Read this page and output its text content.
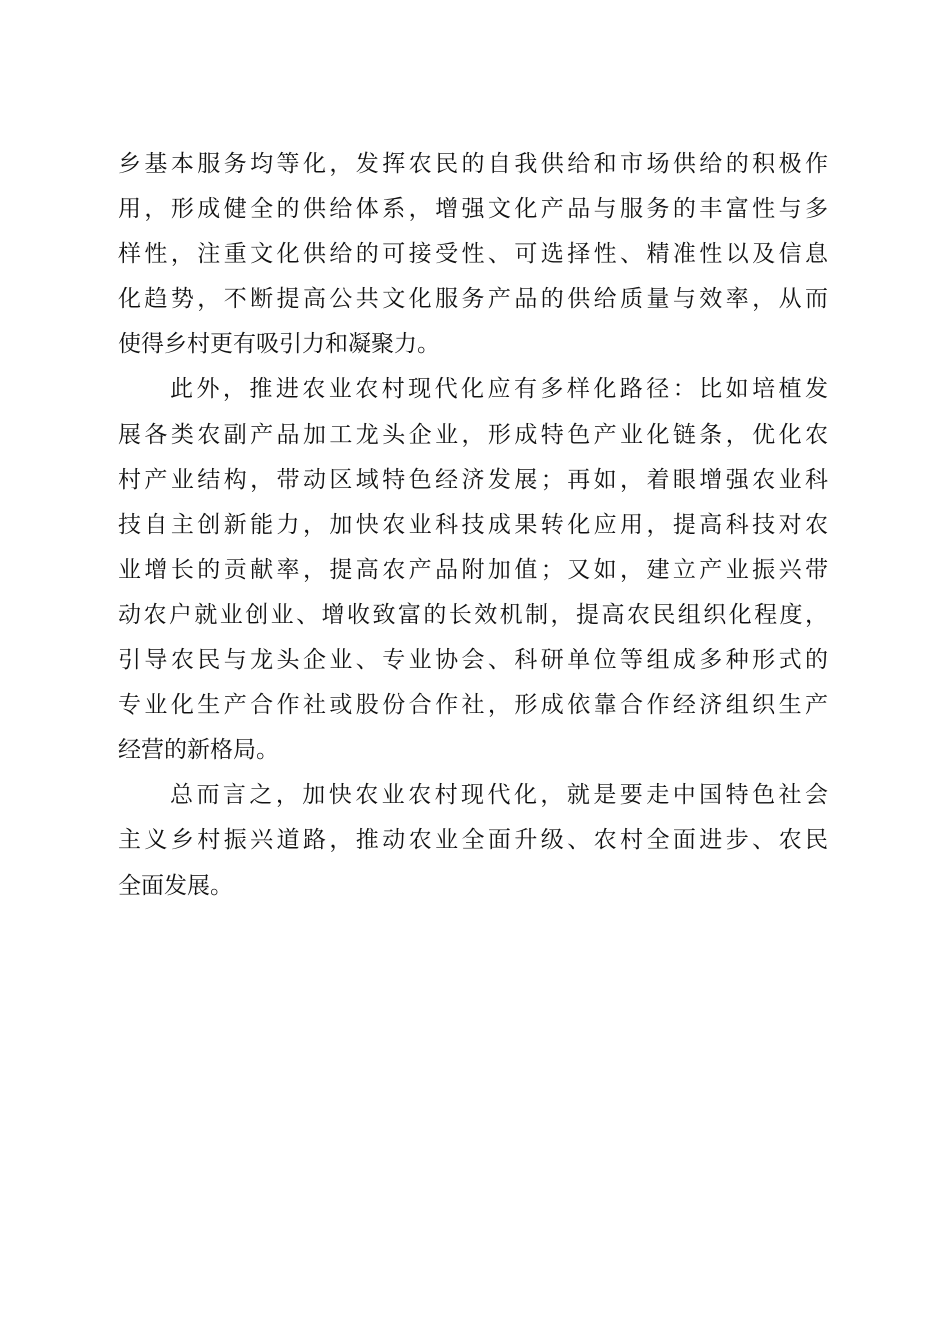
乡基本服务均等化，发挥农民的自我供给和市场供给的积极作
用，形成健全的供给体系，增强文化产品与服务的丰富性与多
样性，注重文化供给的可接受性、可选择性、精准性以及信息
化趋势，不断提高公共文化服务产品的供给质量与效率，从而
使得乡村更有吸引力和凝聚力。
此外，推进农业农村现代化应有多样化路径：比如培植发
展各类农副产品加工龙头企业，形成特色产业化链条，优化农
村产业结构，带动区域特色经济发展；再如，着眼增强农业科
技自主创新能力，加快农业科技成果转化应用，提高科技对农
业增长的贡献率，提高农产品附加值；又如，建立产业振兴带
动农户就业创业、增收致富的长效机制，提高农民组织化程度，
引导农民与龙头企业、专业协会、科研单位等组成多种形式的
专业化生产合作社或股份合作社，形成依靠合作经济组织生产
经营的新格局。
总而言之，加快农业农村现代化，就是要走中国特色社会
主义乡村振兴道路，推动农业全面升级、农村全面进步、农民
全面发展。
